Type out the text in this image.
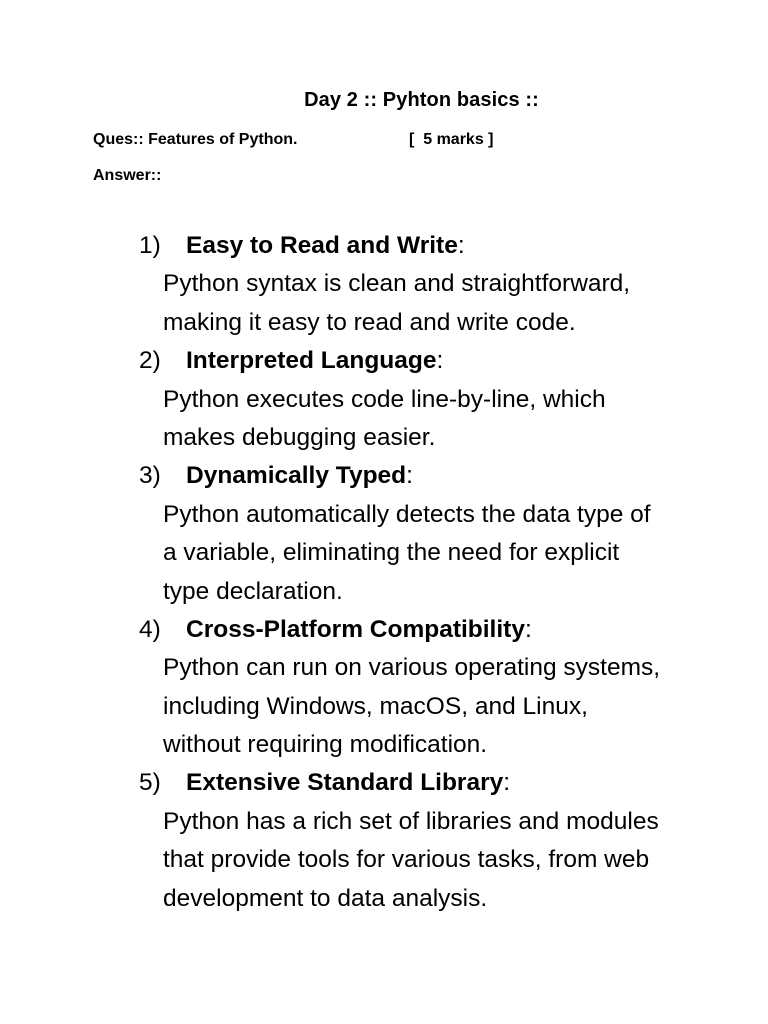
Day 2 :: Pyhton basics ::
Ques:: Features of Python.	[  5 marks ]
Answer::
1) Easy to Read and Write:
Python syntax is clean and straightforward,
making it easy to read and write code.
2) Interpreted Language:
Python executes code line-by-line, which
makes debugging easier.
3) Dynamically Typed:
Python automatically detects the data type of
a variable, eliminating the need for explicit
type declaration.
4) Cross-Platform Compatibility:
Python can run on various operating systems,
including Windows, macOS, and Linux,
without requiring modification.
5) Extensive Standard Library:
Python has a rich set of libraries and modules
that provide tools for various tasks, from web
development to data analysis.
